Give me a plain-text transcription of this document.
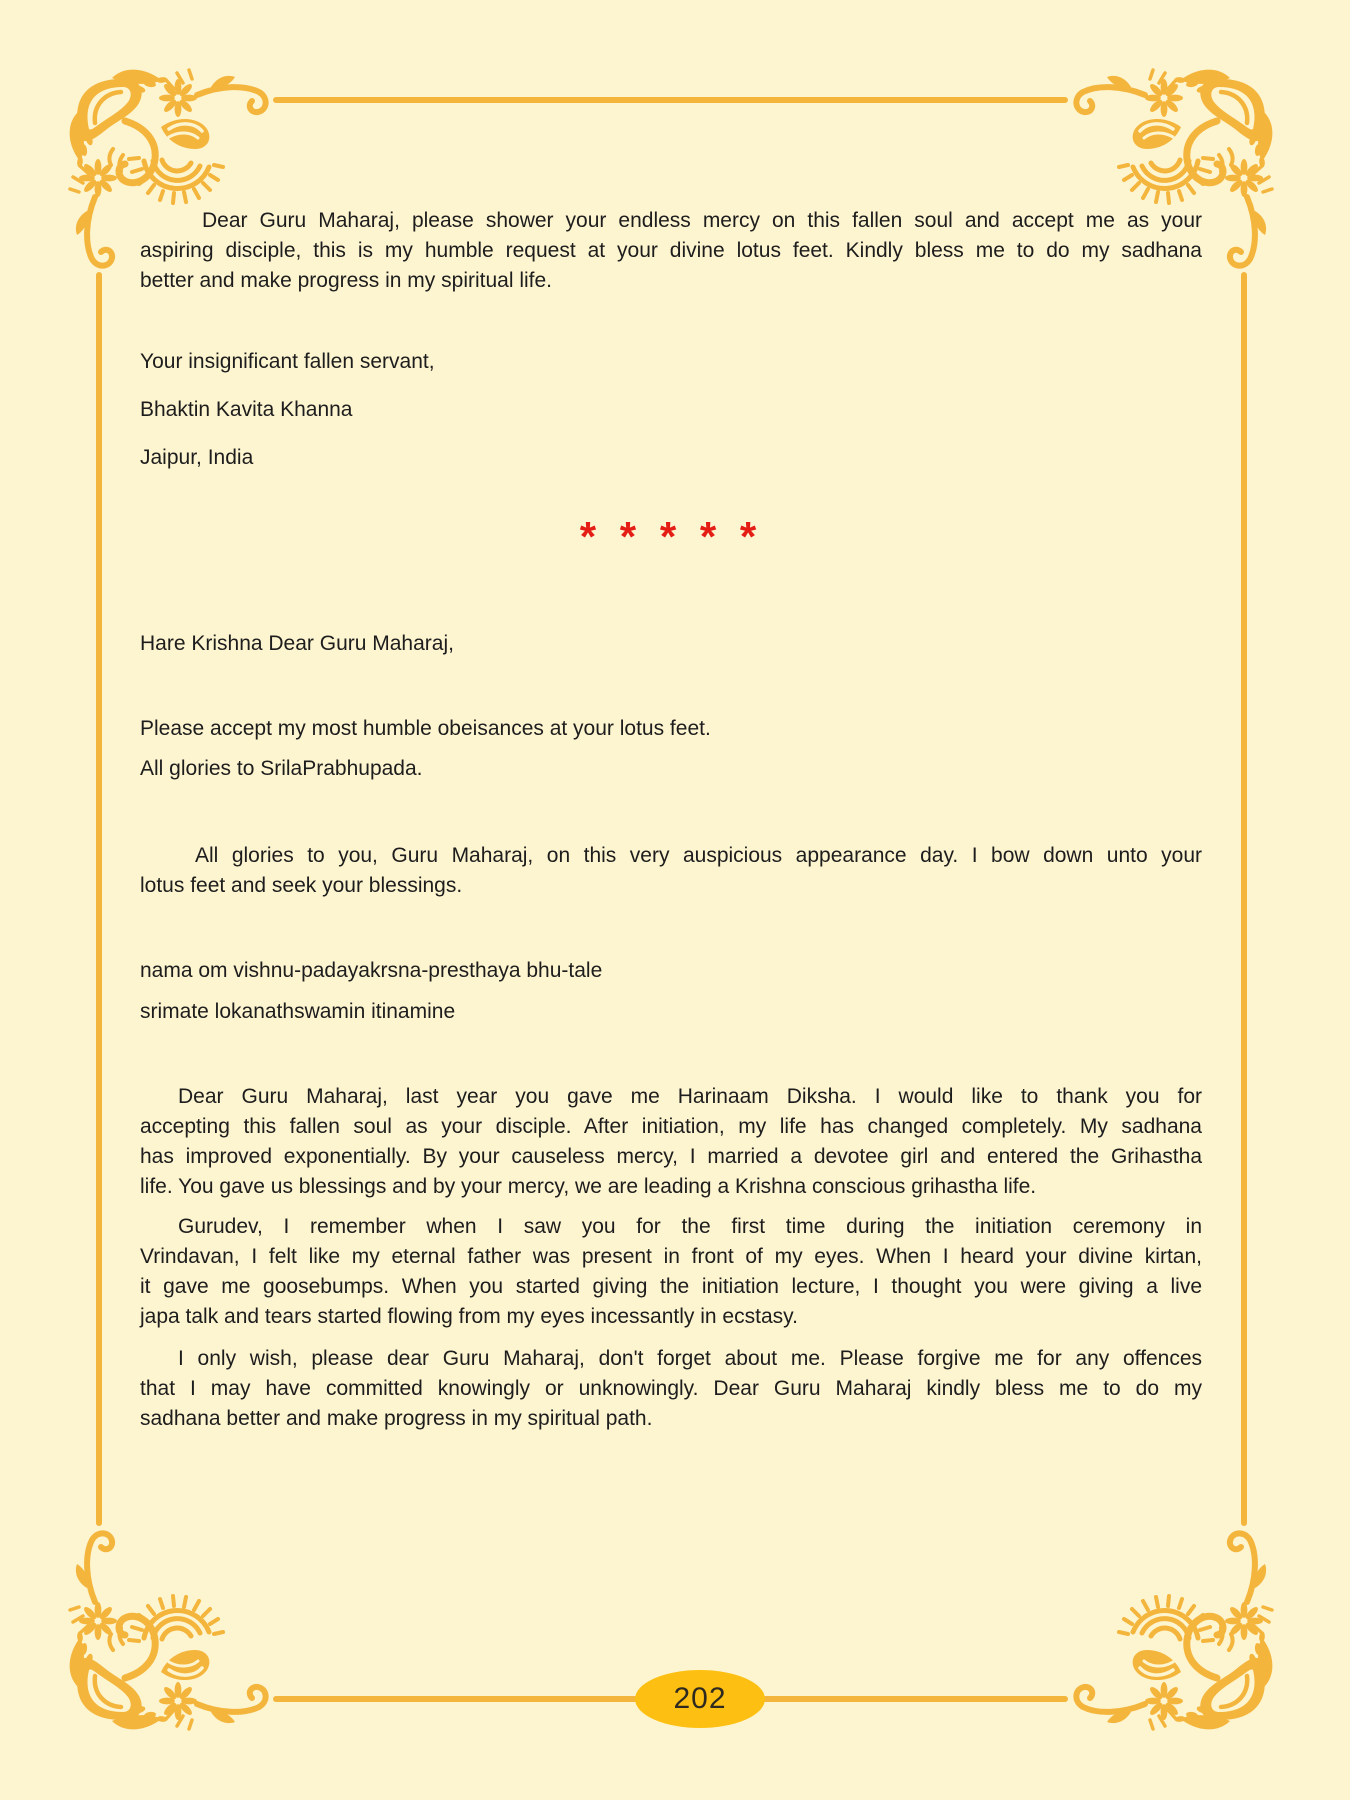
202
Dear Guru Maharaj, please shower your endless mercy on this fallen soul and accept me as your
aspiring disciple, this is my humble request at your divine lotus feet. Kindly bless me to do my sadhana
better and make progress in my spiritual life.
Your insignificant fallen servant,
Bhaktin Kavita Khanna
Jaipur, India
* * * * *
Hare Krishna Dear Guru Maharaj,
Please accept my most humble obeisances at your lotus feet.
All glories to SrilaPrabhupada.
All glories to you, Guru Maharaj, on this very auspicious appearance day. I bow down unto your
lotus feet and seek your blessings.
nama om vishnu-padayakrsna-presthaya bhu-tale
srimate lokanathswamin itinamine
Dear Guru Maharaj, last year you gave me Harinaam Diksha. I would like to thank you for
accepting this fallen soul as your disciple. After initiation, my life has changed completely. My sadhana
has improved exponentially. By your causeless mercy, I married a devotee girl and entered the Grihastha
life. You gave us blessings and by your mercy, we are leading a Krishna conscious grihastha life.
Gurudev, I remember when I saw you for the first time during the initiation ceremony in
Vrindavan, I felt like my eternal father was present in front of my eyes. When I heard your divine kirtan,
it gave me goosebumps. When you started giving the initiation lecture, I thought you were giving a live
japa talk and tears started flowing from my eyes incessantly in ecstasy.
I only wish, please dear Guru Maharaj, don't forget about me. Please forgive me for any offences
that I may have committed knowingly or unknowingly. Dear Guru Maharaj kindly bless me to do my
sadhana better and make progress in my spiritual path.
